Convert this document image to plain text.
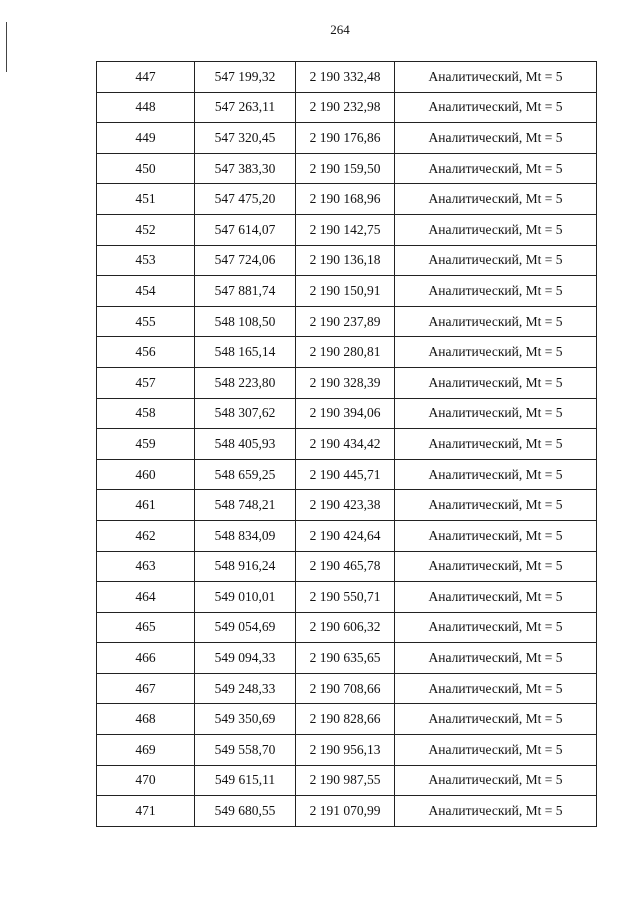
264
447	547 199,32	2 190 332,48	Аналитический, Mt = 5
448	547 263,11	2 190 232,98	Аналитический, Mt = 5
449	547 320,45	2 190 176,86	Аналитический, Mt = 5
450	547 383,30	2 190 159,50	Аналитический, Mt = 5
451	547 475,20	2 190 168,96	Аналитический, Mt = 5
452	547 614,07	2 190 142,75	Аналитический, Mt = 5
453	547 724,06	2 190 136,18	Аналитический, Mt = 5
454	547 881,74	2 190 150,91	Аналитический, Mt = 5
455	548 108,50	2 190 237,89	Аналитический, Mt = 5
456	548 165,14	2 190 280,81	Аналитический, Mt = 5
457	548 223,80	2 190 328,39	Аналитический, Mt = 5
458	548 307,62	2 190 394,06	Аналитический, Mt = 5
459	548 405,93	2 190 434,42	Аналитический, Mt = 5
460	548 659,25	2 190 445,71	Аналитический, Mt = 5
461	548 748,21	2 190 423,38	Аналитический, Mt = 5
462	548 834,09	2 190 424,64	Аналитический, Mt = 5
463	548 916,24	2 190 465,78	Аналитический, Mt = 5
464	549 010,01	2 190 550,71	Аналитический, Mt = 5
465	549 054,69	2 190 606,32	Аналитический, Mt = 5
466	549 094,33	2 190 635,65	Аналитический, Mt = 5
467	549 248,33	2 190 708,66	Аналитический, Mt = 5
468	549 350,69	2 190 828,66	Аналитический, Mt = 5
469	549 558,70	2 190 956,13	Аналитический, Mt = 5
470	549 615,11	2 190 987,55	Аналитический, Mt = 5
471	549 680,55	2 191 070,99	Аналитический, Mt = 5
